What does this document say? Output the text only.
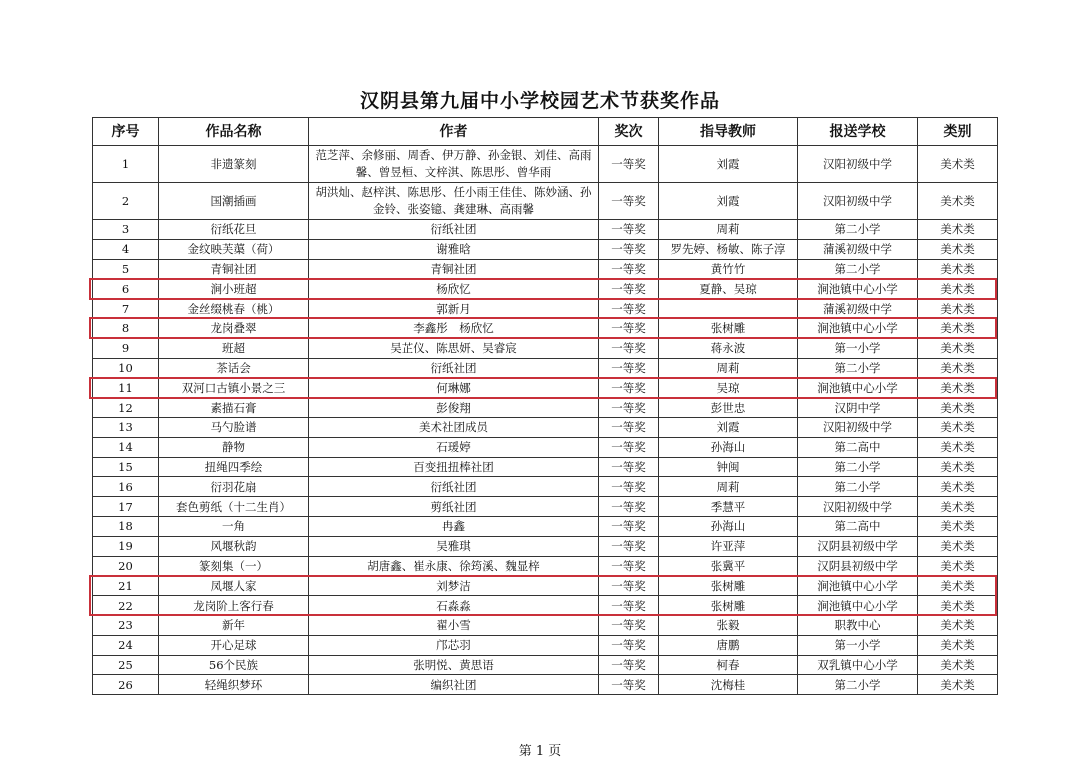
汉阴县第九届中小学校园艺术节获奖作品
序号	作品名称	作者	奖次	指导教师	报送学校	类别
1	非遗篆刻	范芝萍、余修丽、周香、伊万静、孙金银、刘佳、高雨馨、曾昱桓、文梓淇、陈思彤、曾华雨	一等奖	刘霞	汉阳初级中学	美术类
2	国潮插画	胡洪灿、赵梓淇、陈思彤、任小雨王佳佳、陈妙涵、孙金铃、张姿镱、龚建琳、高雨馨	一等奖	刘霞	汉阳初级中学	美术类
3	衍纸花旦	衍纸社团	一等奖	周莉	第二小学	美术类
4	金纹映芙蕖（荷）	谢雅晗	一等奖	罗先婷、杨敏、陈子淳	蒲溪初级中学	美术类
5	青铜社团	青铜社团	一等奖	黄竹竹	第二小学	美术类
6	涧小班超	杨欣忆	一等奖	夏静、吴琼	涧池镇中心小学	美术类
7	金丝缀桃春（桃）	郭新月	一等奖		蒲溪初级中学	美术类
8	龙岗叠翠	李鑫彤　杨欣忆	一等奖	张树雕	涧池镇中心小学	美术类
9	班超	吴芷仪、陈思妍、吴睿宸	一等奖	蒋永波	第一小学	美术类
10	茶话会	衍纸社团	一等奖	周莉	第二小学	美术类
11	双河口古镇小景之三	何琳娜	一等奖	吴琼	涧池镇中心小学	美术类
12	素描石膏	彭俊翔	一等奖	彭世忠	汉阴中学	美术类
13	马勺脸谱	美术社团成员	一等奖	刘霞	汉阳初级中学	美术类
14	静物	石瑗婷	一等奖	孙海山	第二高中	美术类
15	扭绳四季绘	百变扭扭棒社团	一等奖	钟闽	第二小学	美术类
16	衍羽花扇	衍纸社团	一等奖	周莉	第二小学	美术类
17	套色剪纸（十二生肖）	剪纸社团	一等奖	季慧平	汉阳初级中学	美术类
18	一角	冉鑫	一等奖	孙海山	第二高中	美术类
19	风堰秋韵	吴雅琪	一等奖	许亚萍	汉阴县初级中学	美术类
20	篆刻集（一）	胡唐鑫、崔永康、徐筠溪、魏显梓	一等奖	张冀平	汉阴县初级中学	美术类
21	凤堰人家	刘梦洁	一等奖	张树雕	涧池镇中心小学	美术类
22	龙岗阶上客行春	石淼淼	一等奖	张树雕	涧池镇中心小学	美术类
23	新年	翟小雪	一等奖	张毅	职教中心	美术类
24	开心足球	邝芯羽	一等奖	唐鹏	第一小学	美术类
25	56个民族	张明悦、黄思语	一等奖	柯春	双乳镇中心小学	美术类
26	轻绳织梦环	编织社团	一等奖	沈梅桂	第二小学	美术类
第 1 页
